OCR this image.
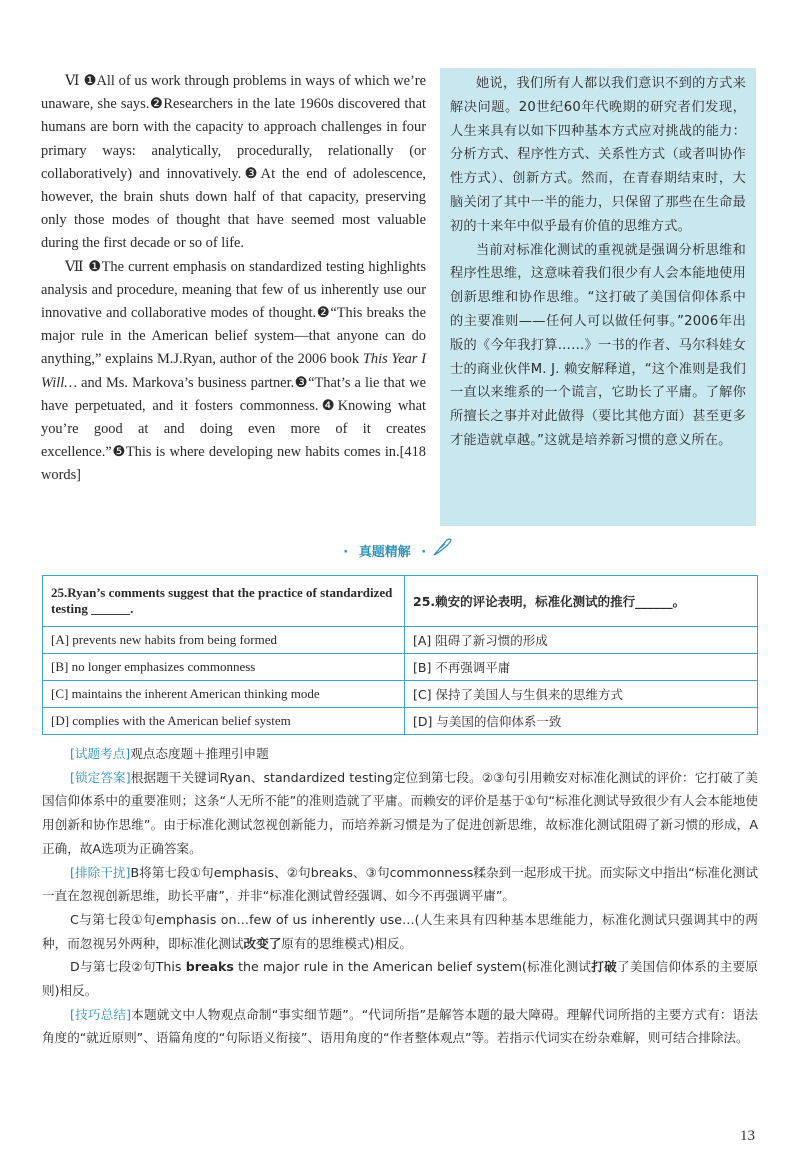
Ⅵ ❶All of us work through problems in ways of which we’re unaware, she says.❷Researchers in the late 1960s discovered that humans are born with the capacity to approach challenges in four primary ways: analytically, procedurally, relationally (or collaboratively) and innovatively.❸At the end of adolescence, however, the brain shuts down half of that capacity, preserving only those modes of thought that have seemed most valuable during the first decade or so of life.

Ⅶ ❶The current emphasis on standardized testing highlights analysis and procedure, meaning that few of us inherently use our innovative and collaborative modes of thought.❷“This breaks the major rule in the American belief system—that anyone can do anything,” explains M.J.Ryan, author of the 2006 book This Year I Will… and Ms. Markova’s business partner.❸“That’s a lie that we have perpetuated, and it fosters commonness.❹Knowing what you’re good at and doing even more of it creates excellence.”❺This is where developing new habits comes in.[418 words]

她说，我们所有人都以我们意识不到的方式来解决问题。20世纪60年代晚期的研究者们发现，人生来具有以如下四种基本方式应对挑战的能力：分析方式、程序性方式、关系性方式（或者叫协作性方式）、创新方式。然而，在青春期结束时，大脑关闭了其中一半的能力，只保留了那些在生命最初的十来年中似乎最有价值的思维方式。

当前对标准化测试的重视就是强调分析思维和程序性思维，这意味着我们很少有人会本能地使用创新思维和协作思维。“这打破了美国信仰体系中的主要准则——任何人可以做任何事。”2006年出版的《今年我打算……》一书的作者、马尔科娃女士的商业伙伴M. J. 赖安解释道，“这个准则是我们一直以来维系的一个谎言，它助长了平庸。了解你所擅长之事并对此做得（要比其他方面）甚至更多才能造就卓越。”这就是培养新习惯的意义所在。

· 真题精解 ·
25.Ryan’s comments suggest that the practice of standardized testing ______.	25.赖安的评论表明，标准化测试的推行______。
[A] prevents new habits from being formed	[A] 阻碍了新习惯的形成
[B] no longer emphasizes commonness	[B] 不再强调平庸
[C] maintains the inherent American thinking mode	[C] 保持了美国人与生俱来的思维方式
[D] complies with the American belief system	[D] 与美国的信仰体系一致

[试题考点]观点态度题＋推理引申题

[锁定答案]根据题干关键词Ryan、standardized testing定位到第七段。②③句引用赖安对标准化测试的评价：它打破了美国信仰体系中的重要准则；这条“人无所不能”的准则造就了平庸。而赖安的评价是基于①句“标准化测试导致很少有人会本能地使用创新和协作思维”。由于标准化测试忽视创新能力，而培养新习惯是为了促进创新思维，故标准化测试阻碍了新习惯的形成，A正确，故A选项为正确答案。

[排除干扰]B将第七段①句emphasis、②句breaks、③句commonness糅杂到一起形成干扰。而实际文中指出“标准化测试一直在忽视创新思维，助长平庸”，并非“标准化测试曾经强调、如今不再强调平庸”。

C与第七段①句emphasis on…few of us inherently use…(人生来具有四种基本思维能力，标准化测试只强调其中的两种，而忽视另外两种，即标准化测试改变了原有的思维模式)相反。

D与第七段②句This breaks the major rule in the American belief system(标准化测试打破了美国信仰体系的主要原则)相反。

[技巧总结]本题就文中人物观点命制“事实细节题”。“代词所指”是解答本题的最大障碍。理解代词所指的主要方式有：语法角度的“就近原则”、语篇角度的“句际语义衔接”、语用角度的“作者整体观点”等。若指示代词实在纷杂难解，则可结合排除法。

13
